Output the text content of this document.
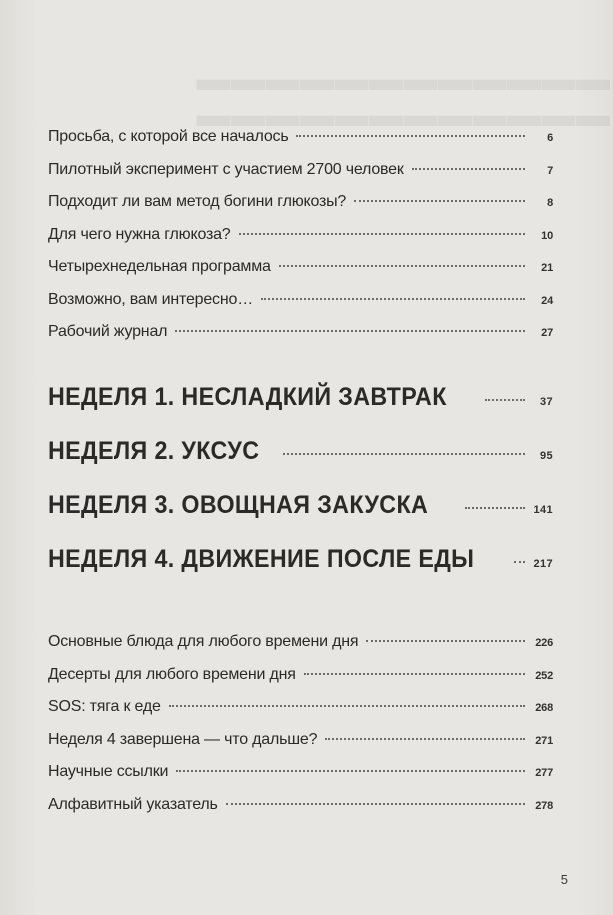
▬▬▬▬▬▬▬▬▬▬▬▬
▬▬▬▬▬▬▬▬▬▬▬▬
Просьба, с которой все началось	6
Пилотный эксперимент с участием 2700 человек	7
Подходит ли вам метод богини глюкозы?	8
Для чего нужна глюкоза?	10
Четырехнедельная программа	21
Возможно, вам интересно…	24
Рабочий журнал	27
НЕДЕЛЯ 1. НЕСЛАДКИЙ ЗАВТРАК	37
НЕДЕЛЯ 2. УКСУС	95
НЕДЕЛЯ 3. ОВОЩНАЯ ЗАКУСКА	141
НЕДЕЛЯ 4. ДВИЖЕНИЕ ПОСЛЕ ЕДЫ	217
Основные блюда для любого времени дня	226
Десерты для любого времени дня	252
SOS: тяга к еде	268
Неделя 4 завершена — что дальше?	271
Научные ссылки	277
Алфавитный указатель	278
5
